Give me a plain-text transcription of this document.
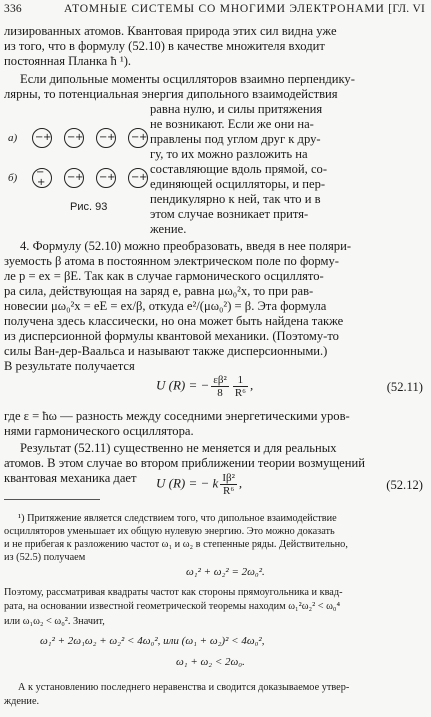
336	АТОМНЫЕ СИСТЕМЫ СО МНОГИМИ ЭЛЕКТРОНАМИ [ГЛ. VI
лизированных атомов. Квантовая природа этих сил видна уже
из того, что в формулу (52.10) в качестве множителя входит
постоянная Планка ħ ¹).
Если дипольные моменты осцилляторов взаимно перпендику-
лярны, то потенциальная энергия дипольного взаимодействия
а) − + − + − + − +
б) −
+ − + − + − +
Рис. 93
равна нулю, и силы притяжения
не возникают. Если же они на-
правлены под углом друг к дру-
гу, то их можно разложить на
составляющие вдоль прямой, со-
единяющей осцилляторы, и пер-
пендикулярно к ней, так что и в
этом случае возникает притя-
жение.
4. Формулу (52.10) можно преобразовать, введя в нее поляри-
зуемость β атома в постоянном электрическом поле по форму-
ле p = ex = βE. Так как в случае гармонического осциллято-
ра сила, действующая на заряд e, равна μω₀²x, то при рав-
новесии μω₀²x = eE = ex/β, откуда e²/(μω₀²) = β. Эта формула
получена здесь классически, но она может быть найдена также
из дисперсионной формулы квантовой механики. (Поэтому-то
силы Ван-дер-Ваальса и называют также дисперсионными.)
В результате получается
U (R) = − $\frac{\text{εβ²}}{8} \frac{1}{\text{R⁶}}$ ,	(52.11)
где ε = ħω — разность между соседними энергетическими уров-
нями гармонического осциллятора.
Результат (52.11) существенно не меняется и для реальных
атомов. В этом случае во втором приближении теории возмущений
квантовая механика дает	U (R) = − k $\frac{\text{Iβ²}}{\text{R⁶}}$ ,	(52.12)
¹) Притяжение является следствием того, что дипольное взаимодействие
осцилляторов уменьшает их общую нулевую энергию. Это можно доказать
и не прибегая к разложению частот ω₁ и ω₂ в степенные ряды. Действительно,
из (52.5) получаем
ω₁² + ω₂² = 2ω₀².
Поэтому, рассматривая квадраты частот как стороны прямоугольника и квад-
рата, на основании известной геометрической теоремы находим ω₁²ω₂² < ω₀⁴
или ω₁ω₂ < ω₀². Значит,
ω₁² + 2ω₁ω₂ + ω₂² < 4ω₀², или (ω₁ + ω₂)² < 4ω₀²,
ω₁ + ω₂ < 2ω₀.
А к установлению последнего неравенства и сводится доказываемое утвер-
ждение.
